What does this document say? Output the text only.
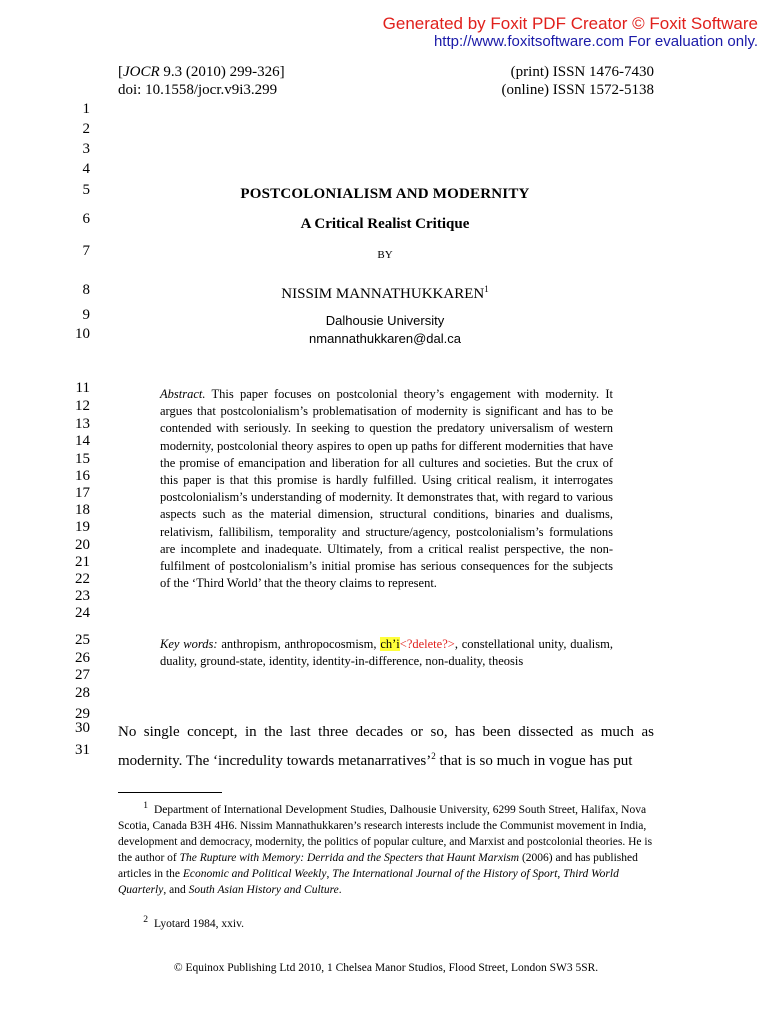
Generated by Foxit PDF Creator © Foxit Software
http://www.foxitsoftware.com For evaluation only.
[JOCR 9.3 (2010) 299-326]
doi: 10.1558/jocr.v9i3.299
(print) ISSN 1476-7430
(online) ISSN 1572-5138
1
2
3
4
5
6
7
8
9
10
11
12
13
14
15
16
17
18
19
20
21
22
23
24
25
26
27
28
29
30
31
POSTCOLONIALISM AND MODERNITY
A Critical Realist Critique
BY
NISSIM MANNATHUKKAREN$^1$
Dalhousie University
nmannathukkaren@dal.ca
Abstract. This paper focuses on postcolonial theory’s engagement with modernity. It argues that postcolonialism’s problematisation of modernity is significant and has to be contended with seriously. In seeking to question the predatory universalism of western modernity, postcolonial theory aspires to open up paths for different modernities that have the promise of emancipation and liberation for all cultures and societies. But the crux of this paper is that this promise is hardly fulfilled. Using critical realism, it interrogates postcolonialism’s understanding of modernity. It demonstrates that, with regard to various aspects such as the material dimension, structural conditions, binaries and dualisms, relativism, fallibilism, temporality and structure/agency, postcolonialism’s formulations are incomplete and inadequate. Ultimately, from a critical realist perspective, the non-fulfilment of postcolonialism’s initial promise has serious consequences for the subjects of the ‘Third World’ that the theory claims to represent.
Key words: anthropism, anthropocosmism, ch’i<?delete?>, constellational unity, dualism, duality, ground-state, identity, identity-in-difference, non-duality, theosis
No single concept, in the last three decades or so, has been dissected as much as modernity. The ‘incredulity towards metanarratives’$^2$ that is so much in vogue has put
$^1$ Department of International Development Studies, Dalhousie University, 6299 South Street, Halifax, Nova Scotia, Canada B3H 4H6. Nissim Mannathukkaren’s research interests include the Communist movement in India, development and democracy, modernity, the politics of popular culture, and Marxist and postcolonial theories. He is the author of The Rupture with Memory: Derrida and the Specters that Haunt Marxism (2006) and has published articles in the Economic and Political Weekly, The International Journal of the History of Sport, Third World Quarterly, and South Asian History and Culture.
$^2$ Lyotard 1984, xxiv.
© Equinox Publishing Ltd 2010, 1 Chelsea Manor Studios, Flood Street, London SW3 5SR.
